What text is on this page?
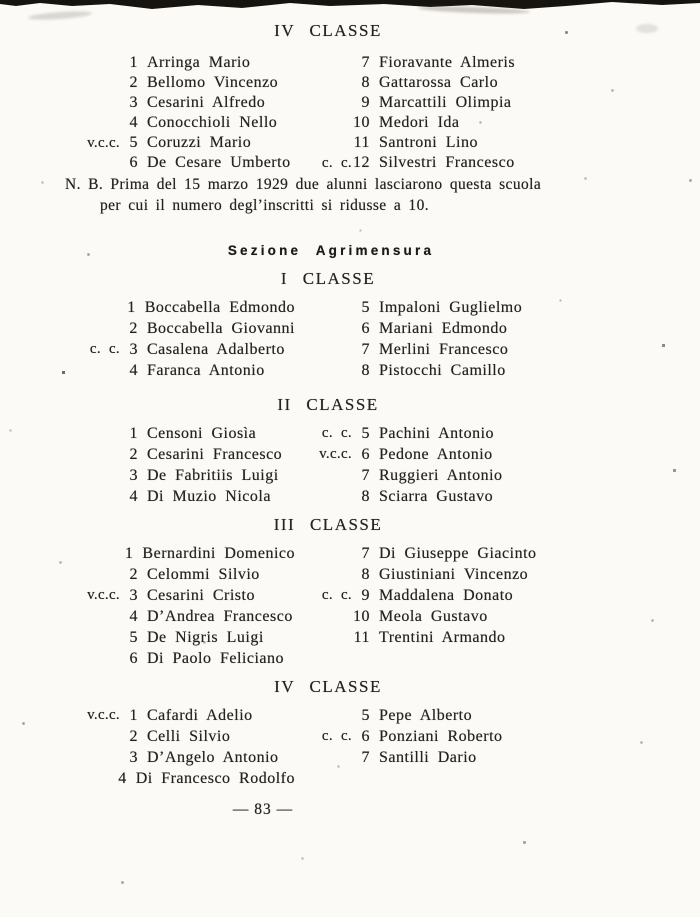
IV CLASSE
1 Arringa Mario	7 Fioravante Almeris
2 Bellomo Vincenzo	8 Gattarossa Carlo
3 Cesarini Alfredo	9 Marcattili Olimpia
4 Conocchioli Nello	10 Medori Ida
v.c.c. 5 Coruzzi Mario	11 Santroni Lino
6 De Cesare Umberto	c. c. 12 Silvestri Francesco
N. B. Prima del 15 marzo 1929 due alunni lasciarono questa scuola
per cui il numero degl’inscritti si ridusse a 10.
Sezione Agrimensura
I CLASSE
1 Boccabella Edmondo	5 Impaloni Guglielmo
2 Boccabella Giovanni	6 Mariani Edmondo
c. c. 3 Casalena Adalberto	7 Merlini Francesco
4 Faranca Antonio	8 Pistocchi Camillo
II CLASSE
1 Censoni Giosìa	c. c. 5 Pachini Antonio
2 Cesarini Francesco	v.c.c. 6 Pedone Antonio
3 De Fabritiis Luigi	7 Ruggieri Antonio
4 Di Muzio Nicola	8 Sciarra Gustavo
III CLASSE
1 Bernardini Domenico	7 Di Giuseppe Giacinto
2 Celommi Silvio	8 Giustiniani Vincenzo
v.c.c. 3 Cesarini Cristo	c. c. 9 Maddalena Donato
4 D’Andrea Francesco	10 Meola Gustavo
5 De Nigris Luigi	11 Trentini Armando
6 Di Paolo Feliciano
IV CLASSE
v.c.c. 1 Cafardi Adelio	5 Pepe Alberto
2 Celli Silvio	c. c. 6 Ponziani Roberto
3 D’Angelo Antonio	7 Santilli Dario
4 Di Francesco Rodolfo
— 83 —
